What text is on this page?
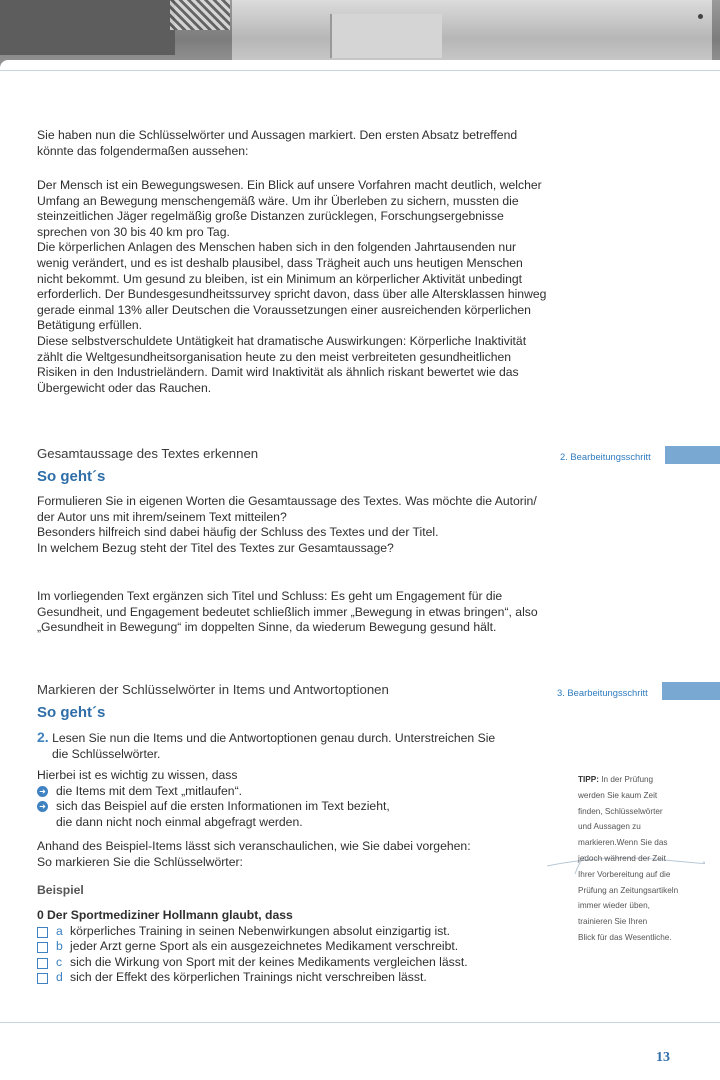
Sie haben nun die Schlüsselwörter und Aussagen markiert. Den ersten Absatz betreffend

könnte das folgendermaßen aussehen:

Der Mensch ist ein Bewegungswesen. Ein Blick auf unsere Vorfahren macht deutlich, welcher

Umfang an Bewegung menschengemäß wäre. Um ihr Überleben zu sichern, mussten die

steinzeitlichen Jäger regelmäßig große Distanzen zurücklegen, Forschungsergebnisse

sprechen von 30 bis 40 km pro Tag.

Die körperlichen Anlagen des Menschen haben sich in den folgenden Jahrtausenden nur

wenig verändert, und es ist deshalb plausibel, dass Trägheit auch uns heutigen Menschen

nicht bekommt. Um gesund zu bleiben, ist ein Minimum an körperlicher Aktivität unbedingt

erforderlich. Der Bundesgesundheitssurvey spricht davon, dass über alle Altersklassen hinweg

gerade einmal 13% aller Deutschen die Voraussetzungen einer ausreichenden körperlichen

Betätigung erfüllen.

Diese selbstverschuldete Untätigkeit hat dramatische Auswirkungen: Körperliche Inaktivität

zählt die Weltgesundheitsorganisation heute zu den meist verbreiteten gesundheitlichen

Risiken in den Industrieländern. Damit wird Inaktivität als ähnlich riskant bewertet wie das

Übergewicht oder das Rauchen.

Gesamtaussage des Textes erkennen	2. Bearbeitungsschritt
So geht´s

Formulieren Sie in eigenen Worten die Gesamtaussage des Textes. Was möchte die Autorin/

der Autor uns mit ihrem/seinem Text mitteilen?

Besonders hilfreich sind dabei häufig der Schluss des Textes und der Titel.

In welchem Bezug steht der Titel des Textes zur Gesamtaussage?

Im vorliegenden Text ergänzen sich Titel und Schluss: Es geht um Engagement für die

Gesundheit, und Engagement bedeutet schließlich immer „Bewegung in etwas bringen“, also

„Gesundheit in Bewegung“ im doppelten Sinne, da wiederum Bewegung gesund hält.

Markieren der Schlüsselwörter in Items und Antwortoptionen	3. Bearbeitungsschritt
So geht´s

2. Lesen Sie nun die Items und die Antwortoptionen genau durch. Unterstreichen Sie

die Schlüsselwörter.

Hierbei ist es wichtig zu wissen, dass

➜ die Items mit dem Text „mitlaufen“.
➜ sich das Beispiel auf die ersten Informationen im Text bezieht,

die dann nicht noch einmal abgefragt werden.

Anhand des Beispiel-Items lässt sich veranschaulichen, wie Sie dabei vorgehen:

So markieren Sie die Schlüsselwörter:

Beispiel
0 Der Sportmediziner Hollmann glaubt, dass
a körperliches Training in seinen Nebenwirkungen absolut einzigartig ist.
b jeder Arzt gerne Sport als ein ausgezeichnetes Medikament verschreibt.
c sich die Wirkung von Sport mit der keines Medikaments vergleichen lässt.
d sich der Effekt des körperlichen Trainings nicht verschreiben lässt.
TIPP: In der Prüfung
werden Sie kaum Zeit
finden, Schlüsselwörter
und Aussagen zu
markieren.Wenn Sie das
jedoch während der Zeit
Ihrer Vorbereitung auf die
Prüfung an Zeitungsartikeln
immer wieder üben,
trainieren Sie Ihren
Blick für das Wesentliche.
13
